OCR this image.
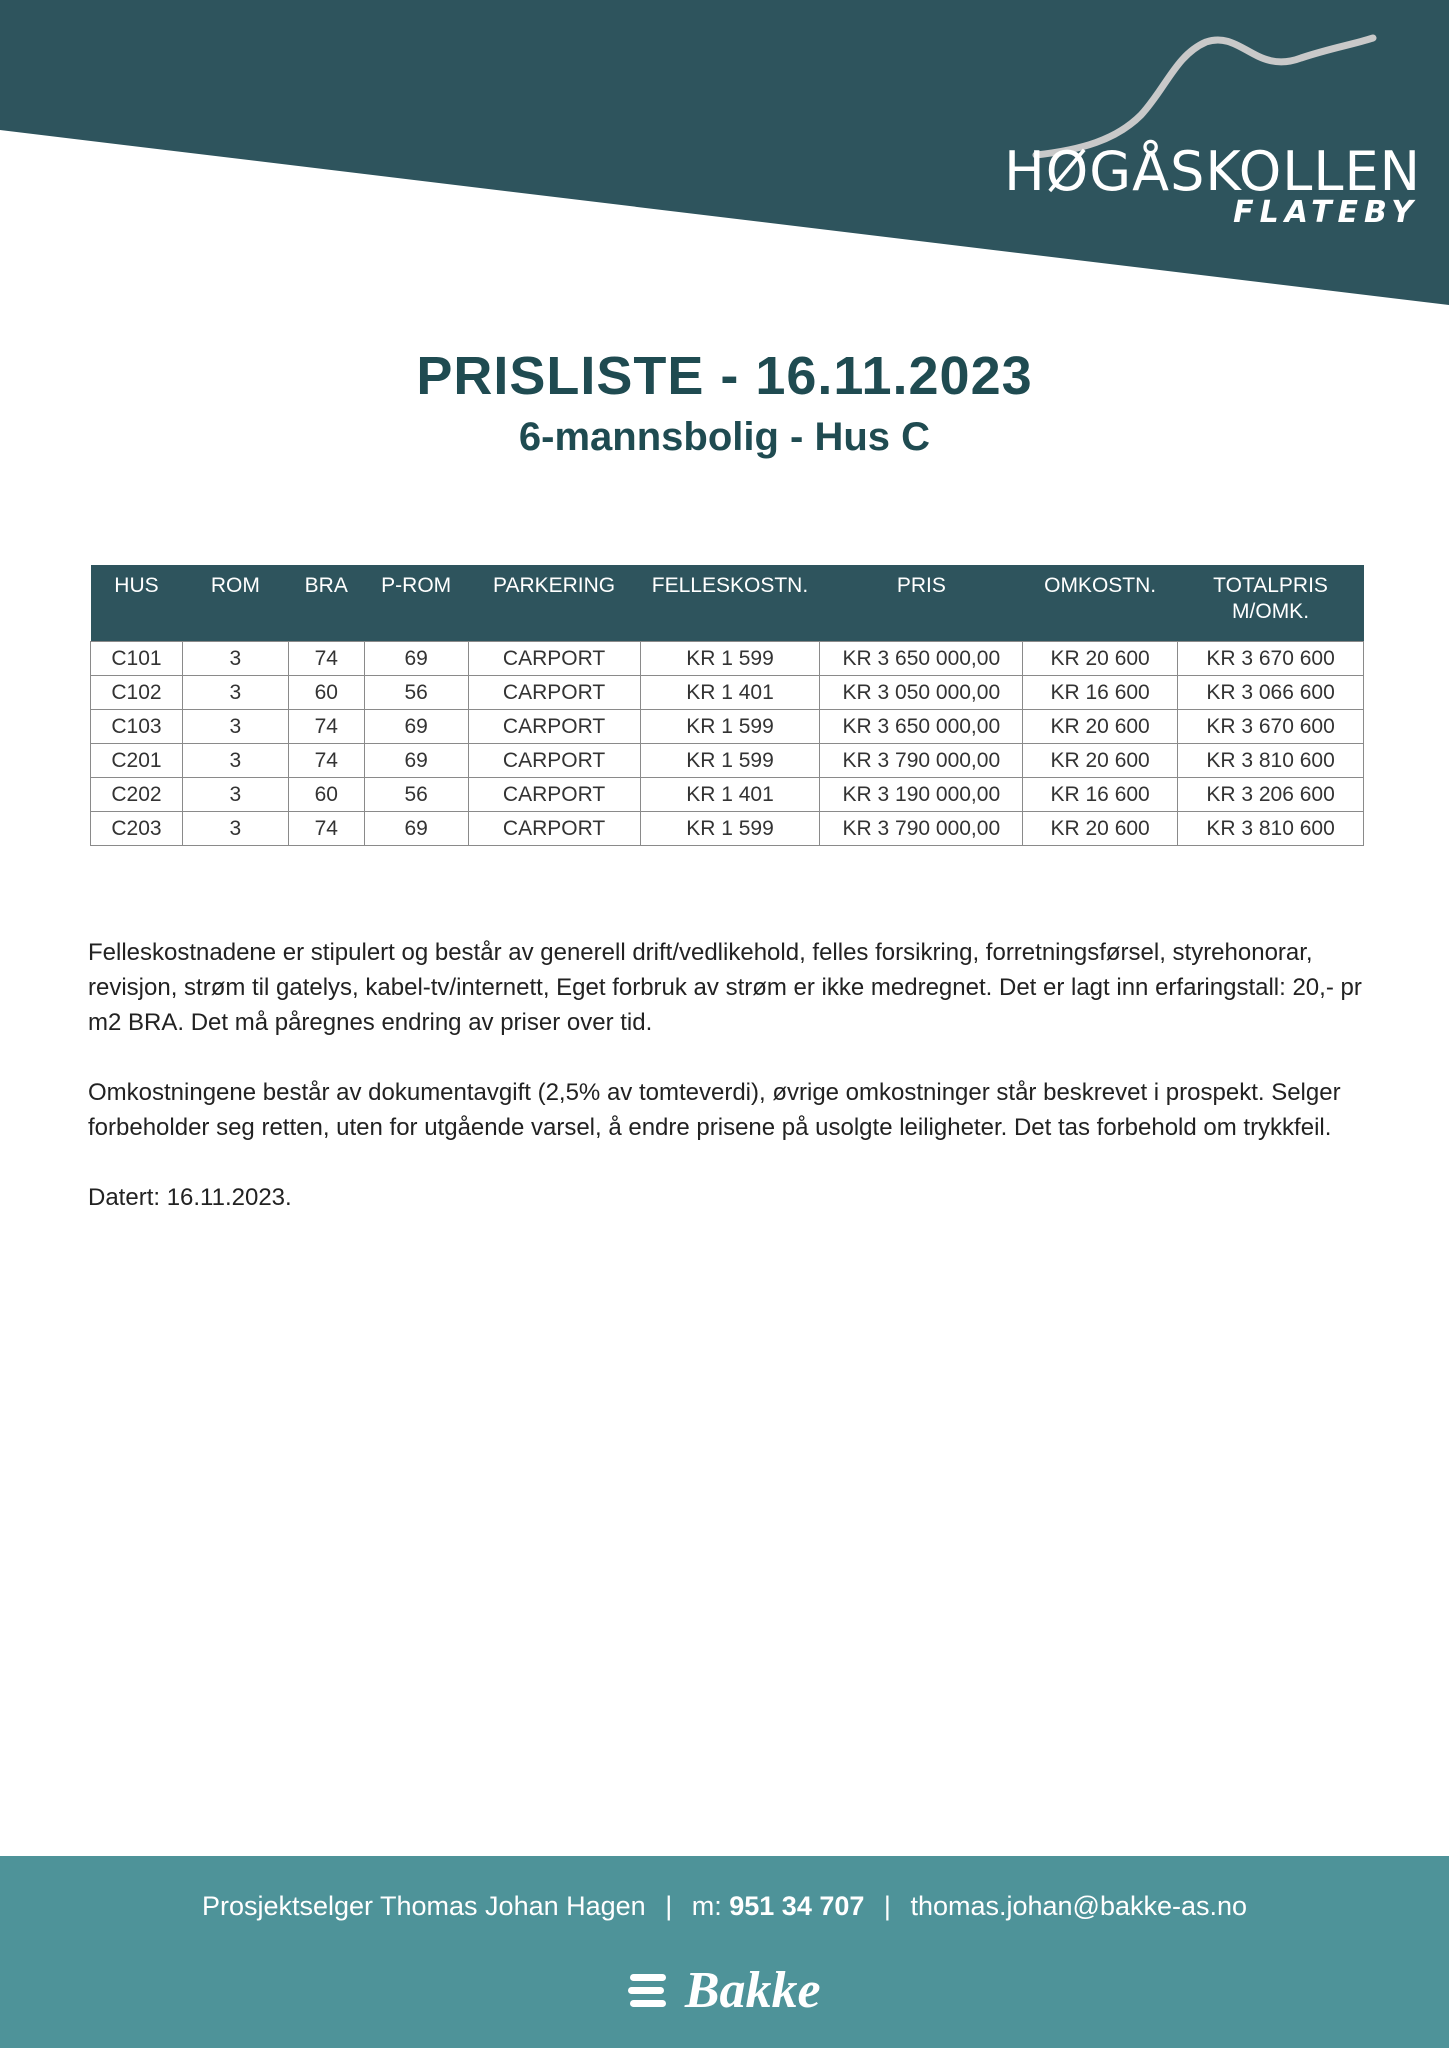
HØGÅSKOLLEN
FLATEBY
PRISLISTE - 16.11.2023
6-mannsbolig - Hus C
HUS	ROM	BRA	P-ROM	PARKERING	FELLESKOSTN.	PRIS	OMKOSTN.	TOTALPRIS M/OMK.
C101	3	74	69	CARPORT	KR 1 599	KR 3 650 000,00	KR 20 600	KR 3 670 600
C102	3	60	56	CARPORT	KR 1 401	KR 3 050 000,00	KR 16 600	KR 3 066 600
C103	3	74	69	CARPORT	KR 1 599	KR 3 650 000,00	KR 20 600	KR 3 670 600
C201	3	74	69	CARPORT	KR 1 599	KR 3 790 000,00	KR 20 600	KR 3 810 600
C202	3	60	56	CARPORT	KR 1 401	KR 3 190 000,00	KR 16 600	KR 3 206 600
C203	3	74	69	CARPORT	KR 1 599	KR 3 790 000,00	KR 20 600	KR 3 810 600

Felleskostnadene er stipulert og består av generell drift/vedlikehold, felles forsikring, forretningsførsel, styrehonorar, revisjon, strøm til gatelys, kabel-tv/internett, Eget forbruk av strøm er ikke medregnet. Det er lagt inn erfaringstall: 20,- pr m2 BRA. Det må påregnes endring av priser over tid.

Omkostningene består av dokumentavgift (2,5% av tomteverdi), øvrige omkostninger står beskrevet i prospekt. Selger forbeholder seg retten, uten for utgående varsel, å endre prisene på usolgte leiligheter. Det tas forbehold om trykkfeil.

Datert: 16.11.2023.

Prosjektselger Thomas Johan Hagen | m: 951 34 707 | thomas.johan@bakke-as.no
Bakke
